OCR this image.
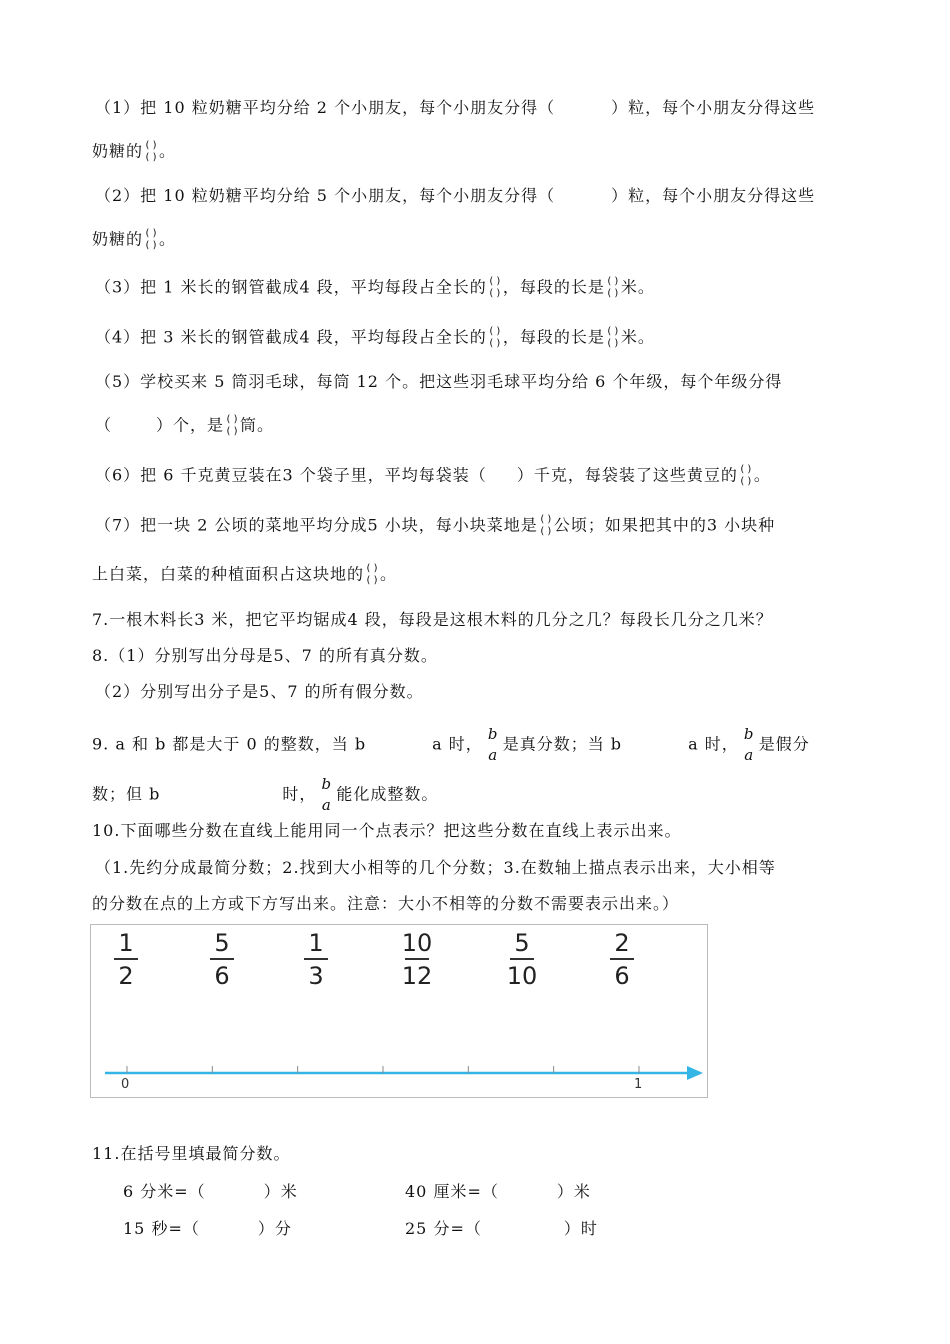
（1）把 10 粒奶糖平均分给 2 个小朋友，每个小朋友分得（	）粒，每个小朋友分得这些
奶糖的 ( )
( ) 。
（2）把 10 粒奶糖平均分给 5 个小朋友，每个小朋友分得（	）粒，每个小朋友分得这些
奶糖的 ( )
( ) 。
（3）把 1 米长的钢管截成4 段，平均每段占全长的 ( )
( ) ，每段的长是 ( )
( ) 米。
（4）把 3 米长的钢管截成4 段，平均每段占全长的 ( )
( ) ，每段的长是 ( )
( ) 米。
（5）学校买来 5 筒羽毛球，每筒 12 个。把这些羽毛球平均分给 6 个年级，每个年级分得
（	）个，是 ( )
( ) 筒。
（6）把 6 千克黄豆装在3 个袋子里，平均每袋装（ ）千克，每袋装了这些黄豆的 ( )
( ) 。
（7）把一块 2 公顷的菜地平均分成5 小块，每小块菜地是 ( )
( ) 公顷；如果把其中的3 小块种
上白菜，白菜的种植面积占这块地的 ( )
( ) 。
7.一根木料长3 米，把它平均锯成4 段，每段是这根木料的几分之几？每段长几分之几米？
8.（1）分别写出分母是5、7 的所有真分数。
（2）分别写出分子是5、7 的所有假分数。
9. a 和 b 都是大于 0 的整数，当 b	a 时，
b
a
是真分数；当 b	a 时，
b
a
是假分
数；但 b	时，
b
a
能化成整数。
10.下面哪些分数在直线上能用同一个点表示？把这些分数在直线上表示出来。
（1.先约分成最简分数；2.找到大小相等的几个分数；3.在数轴上描点表示出来，大小相等
的分数在点的上方或下方写出来。注意：大小不相等的分数不需要表示出来。）
1
2
5
6
1
3
10
12
5
10
2
6
0	1
11.在括号里填最简分数。
6 分米=（	）米	40 厘米=（	）米
15 秒=（	）分	25 分=（	）时
